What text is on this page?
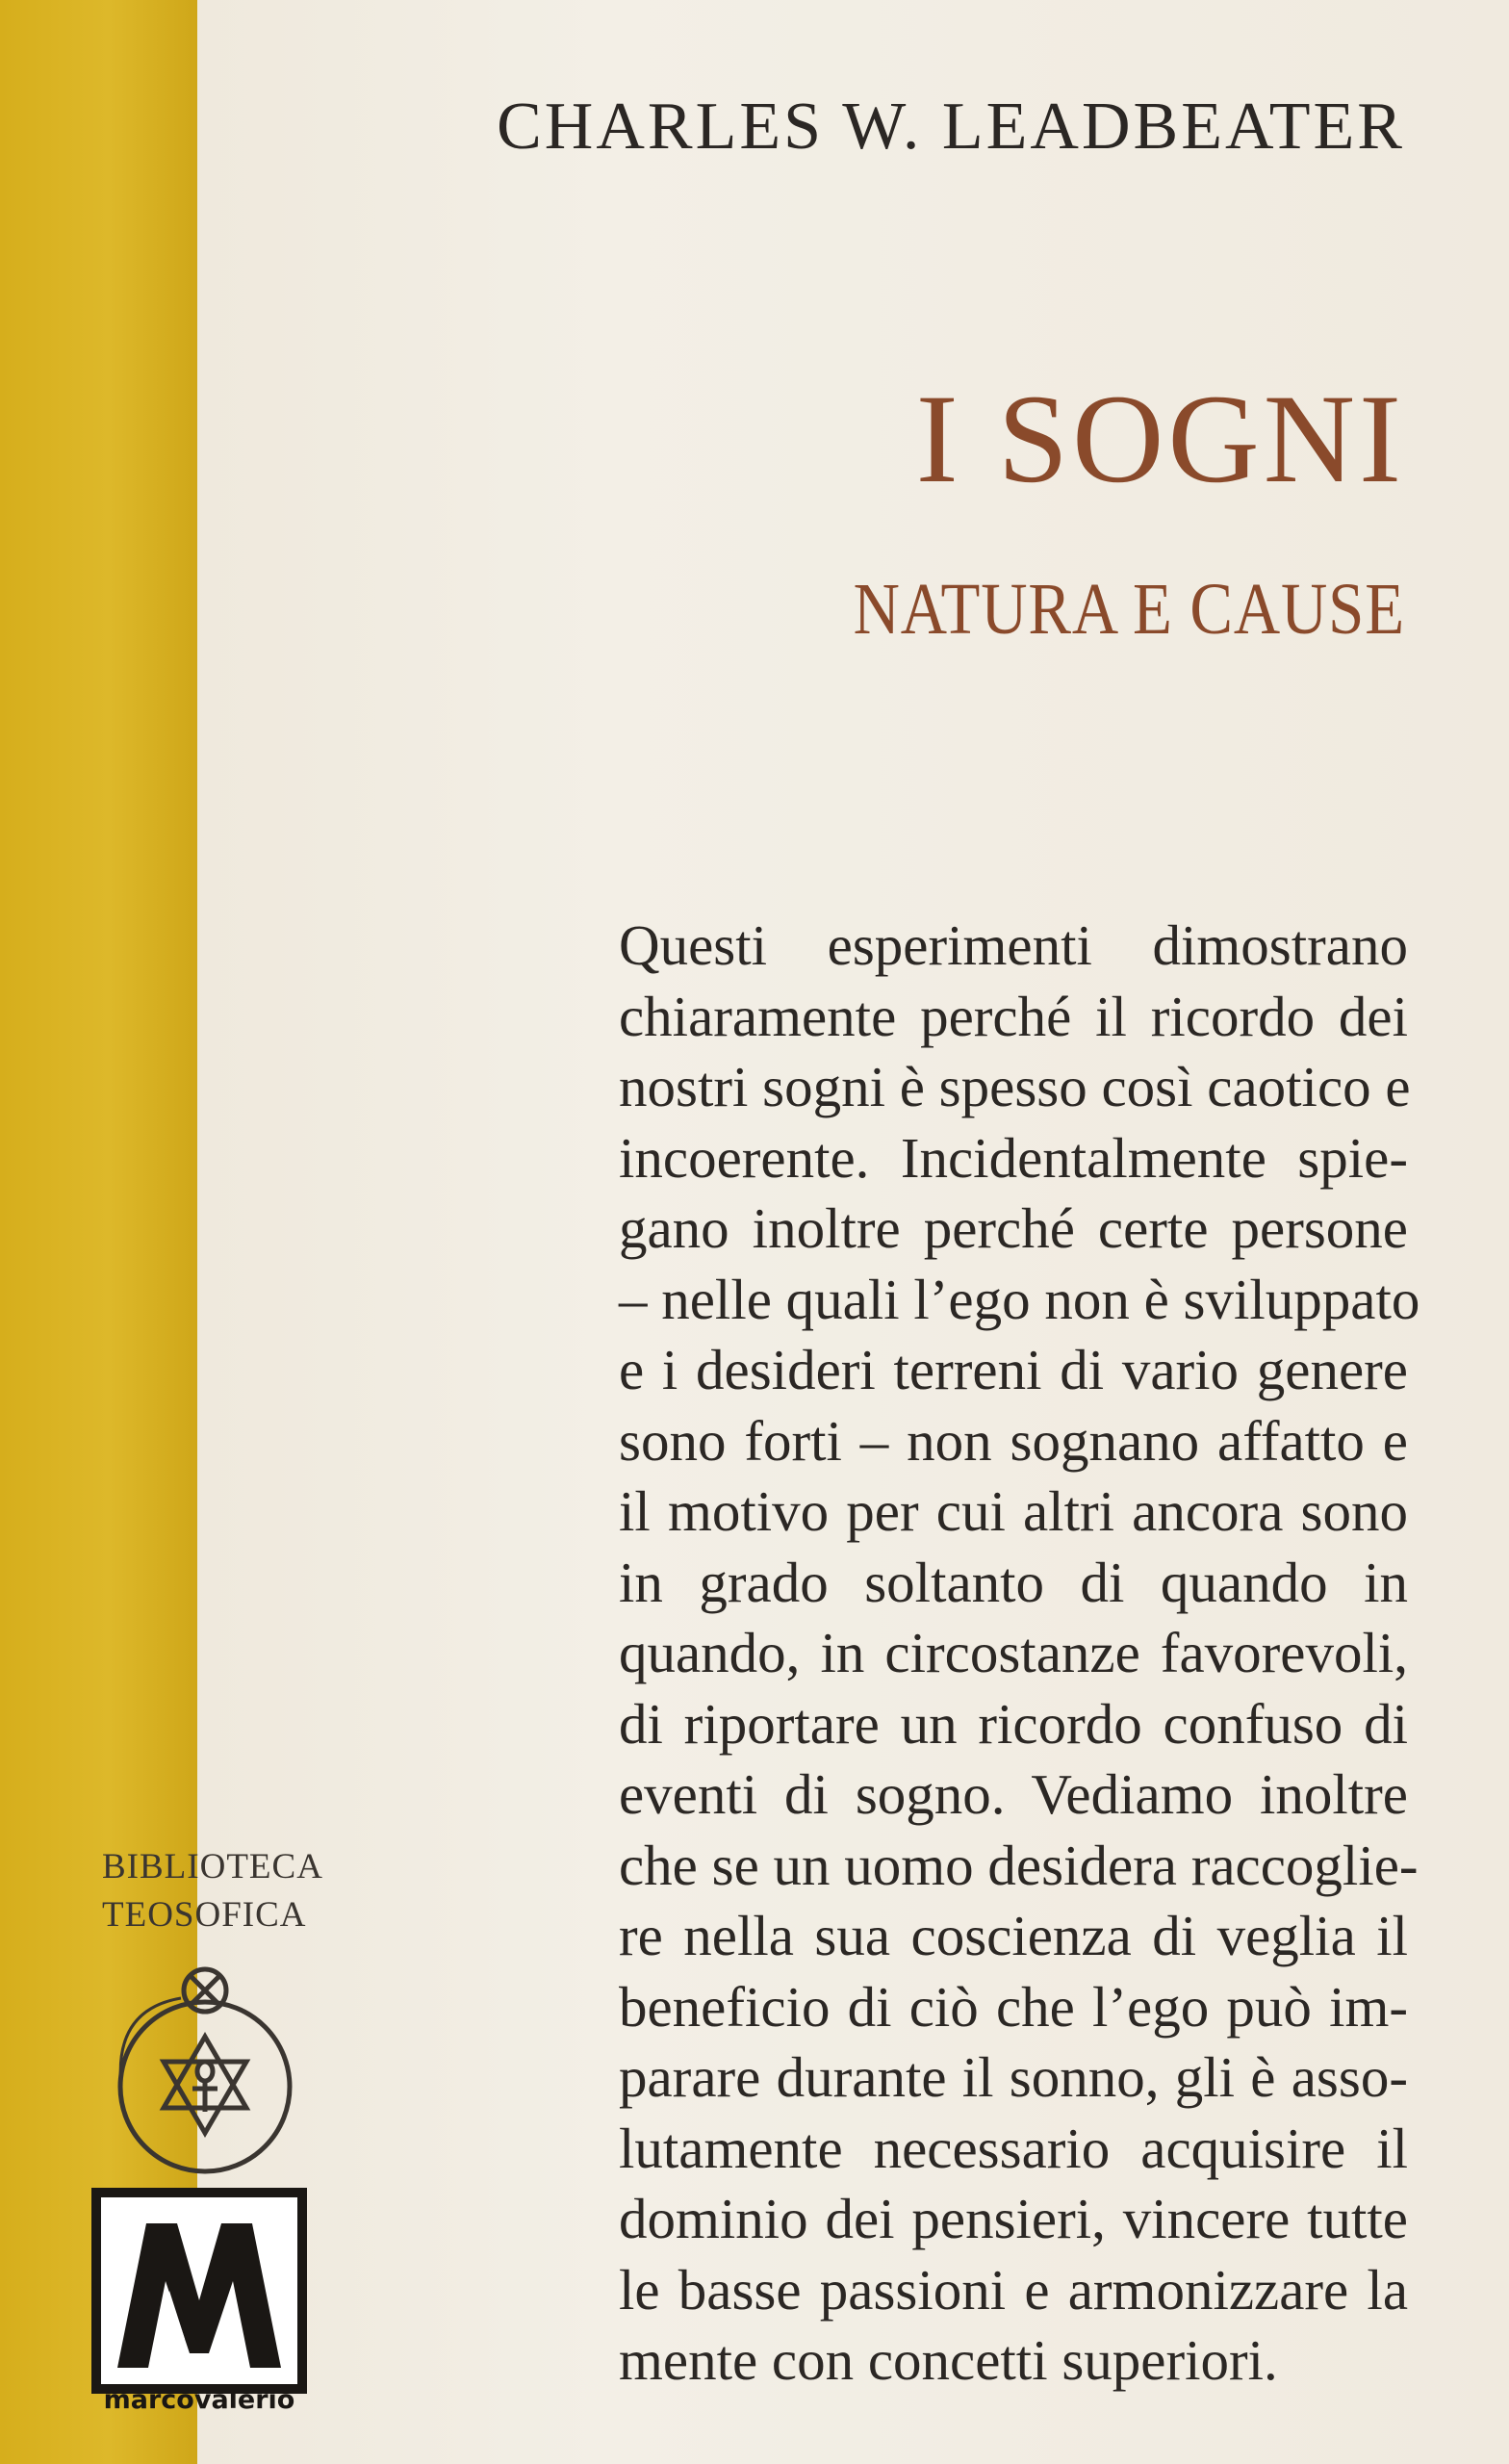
CHARLES W. LEADBEATER
I SOGNI
NATURA E CAUSE

Questi esperimenti dimostrano
chiaramente perché il ricordo dei
nostri sogni è spesso così caotico e
incoerente. Incidentalmente spie-
gano inoltre perché certe persone
– nelle quali l’ego non è sviluppato
e i desideri terreni di vario genere
sono forti – non sognano affatto e
il motivo per cui altri ancora sono
in grado soltanto di quando in
quando, in circostanze favorevoli,
di riportare un ricordo confuso di
eventi di sogno. Vediamo inoltre
che se un uomo desidera raccoglie-
re nella sua coscienza di veglia il
beneficio di ciò che l’ego può im-
parare durante il sonno, gli è asso-
lutamente necessario acquisire il
dominio dei pensieri, vincere tutte
le basse passioni e armonizzare la
mente con concetti superiori.

BIBLIOTECA
TEOSOFICA
marcovalerio
